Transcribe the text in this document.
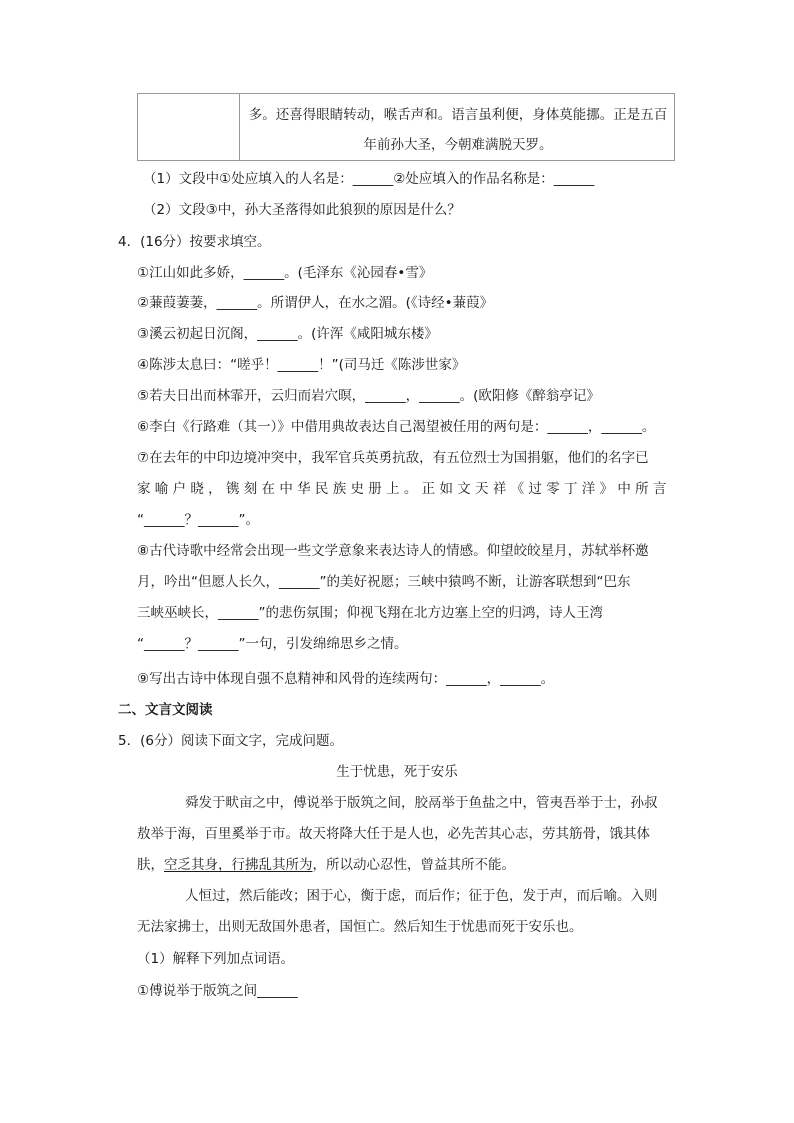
多。还喜得眼睛转动，喉舌声和。语言虽利便，身体莫能挪。正是五百
年前孙大圣，今朝难满脱天罗。
（1）文段中①处应填入的人名是：______②处应填入的作品名称是：______
（2）文段③中，孙大圣落得如此狼狈的原因是什么？
4．(16分）按要求填空。
①江山如此多娇，______。(毛泽东《沁园春•雪》
②蒹葭萋萋，______。所谓伊人，在水之湄。(《诗经•蒹葭》
③溪云初起日沉阁，______。(许浑《咸阳城东楼》
④陈涉太息曰：“嗟乎！______！”(司马迁《陈涉世家》
⑤若夫日出而林霏开，云归而岩穴暝，______，______。(欧阳修《醉翁亭记》
⑥李白《行路难（其一）》中借用典故表达自己渴望被任用的两句是：______，______。
⑦在去年的中印边境冲突中，我军官兵英勇抗敌，有五位烈士为国捐躯，他们的名字已
家 喻 户 晓 ， 镌 刻 在 中 华 民 族 史 册 上 。 正 如 文 天 祥 《 过 零 丁 洋 》 中 所 言
“______？______”。
⑧古代诗歌中经常会出现一些文学意象来表达诗人的情感。仰望皎皎星月，苏轼举杯邀
月，吟出“但愿人长久，______”的美好祝愿；三峡中猿鸣不断，让游客联想到“巴东
三峡巫峡长，______”的悲伤氛围；仰视飞翔在北方边塞上空的归鸿，诗人王湾
“______？______”一句，引发绵绵思乡之情。
⑨写出古诗中体现自强不息精神和风骨的连续两句：______，______。
二、文言文阅读
5．(6分）阅读下面文字，完成问题。
生于忧患，死于安乐
舜发于畎亩之中，傅说举于版筑之间，胶鬲举于鱼盐之中，管夷吾举于士，孙叔
敖举于海，百里奚举于市。故天将降大任于是人也，必先苦其心志，劳其筋骨，饿其体
肤，空乏其身，行拂乱其所为，所以动心忍性，曾益其所不能。
人恒过，然后能改；困于心，衡于虑，而后作；征于色，发于声，而后喻。入则
无法家拂士，出则无敌国外患者，国恒亡。然后知生于忧患而死于安乐也。
（1）解释下列加点词语。
①傅说举于版筑之间______
